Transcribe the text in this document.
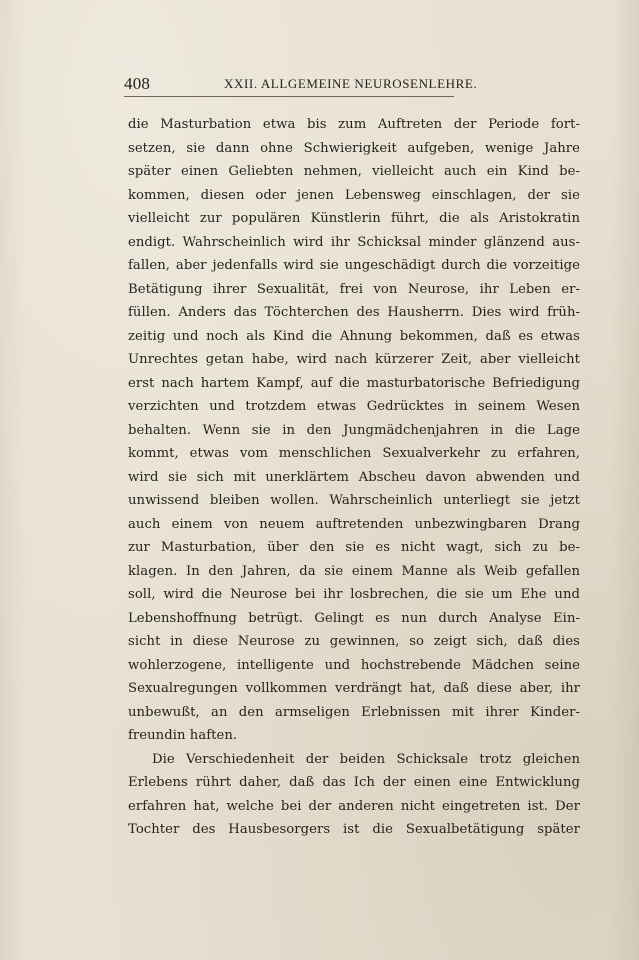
408	XXII. ALLGEMEINE NEUROSENLEHRE.
die Masturbation etwa bis zum Auftreten der Periode fort-
setzen, sie dann ohne Schwierigkeit aufgeben, wenige Jahre
später einen Geliebten nehmen, vielleicht auch ein Kind be-
kommen, diesen oder jenen Lebensweg einschlagen, der sie
vielleicht zur populären Künstlerin führt, die als Aristokratin
endigt. Wahrscheinlich wird ihr Schicksal minder glänzend aus-
fallen, aber jedenfalls wird sie ungeschädigt durch die vorzeitige
Betätigung ihrer Sexualität, frei von Neurose, ihr Leben er-
füllen. Anders das Töchterchen des Hausherrn. Dies wird früh-
zeitig und noch als Kind die Ahnung bekommen, daß es etwas
Unrechtes getan habe, wird nach kürzerer Zeit, aber vielleicht
erst nach hartem Kampf, auf die masturbatorische Befriedigung
verzichten und trotzdem etwas Gedrücktes in seinem Wesen
behalten. Wenn sie in den Jungmädchenjahren in die Lage
kommt, etwas vom menschlichen Sexualverkehr zu erfahren,
wird sie sich mit unerklärtem Abscheu davon abwenden und
unwissend bleiben wollen. Wahrscheinlich unterliegt sie jetzt
auch einem von neuem auftretenden unbezwingbaren Drang
zur Masturbation, über den sie es nicht wagt, sich zu be-
klagen. In den Jahren, da sie einem Manne als Weib gefallen
soll, wird die Neurose bei ihr losbrechen, die sie um Ehe und
Lebenshoffnung betrügt. Gelingt es nun durch Analyse Ein-
sicht in diese Neurose zu gewinnen, so zeigt sich, daß dies
wohlerzogene, intelligente und hochstrebende Mädchen seine
Sexualregungen vollkommen verdrängt hat, daß diese aber, ihr
unbewußt, an den armseligen Erlebnissen mit ihrer Kinder-
freundin haften.
Die Verschiedenheit der beiden Schicksale trotz gleichen
Erlebens rührt daher, daß das Ich der einen eine Entwicklung
erfahren hat, welche bei der anderen nicht eingetreten ist. Der
Tochter des Hausbesorgers ist die Sexualbetätigung später
